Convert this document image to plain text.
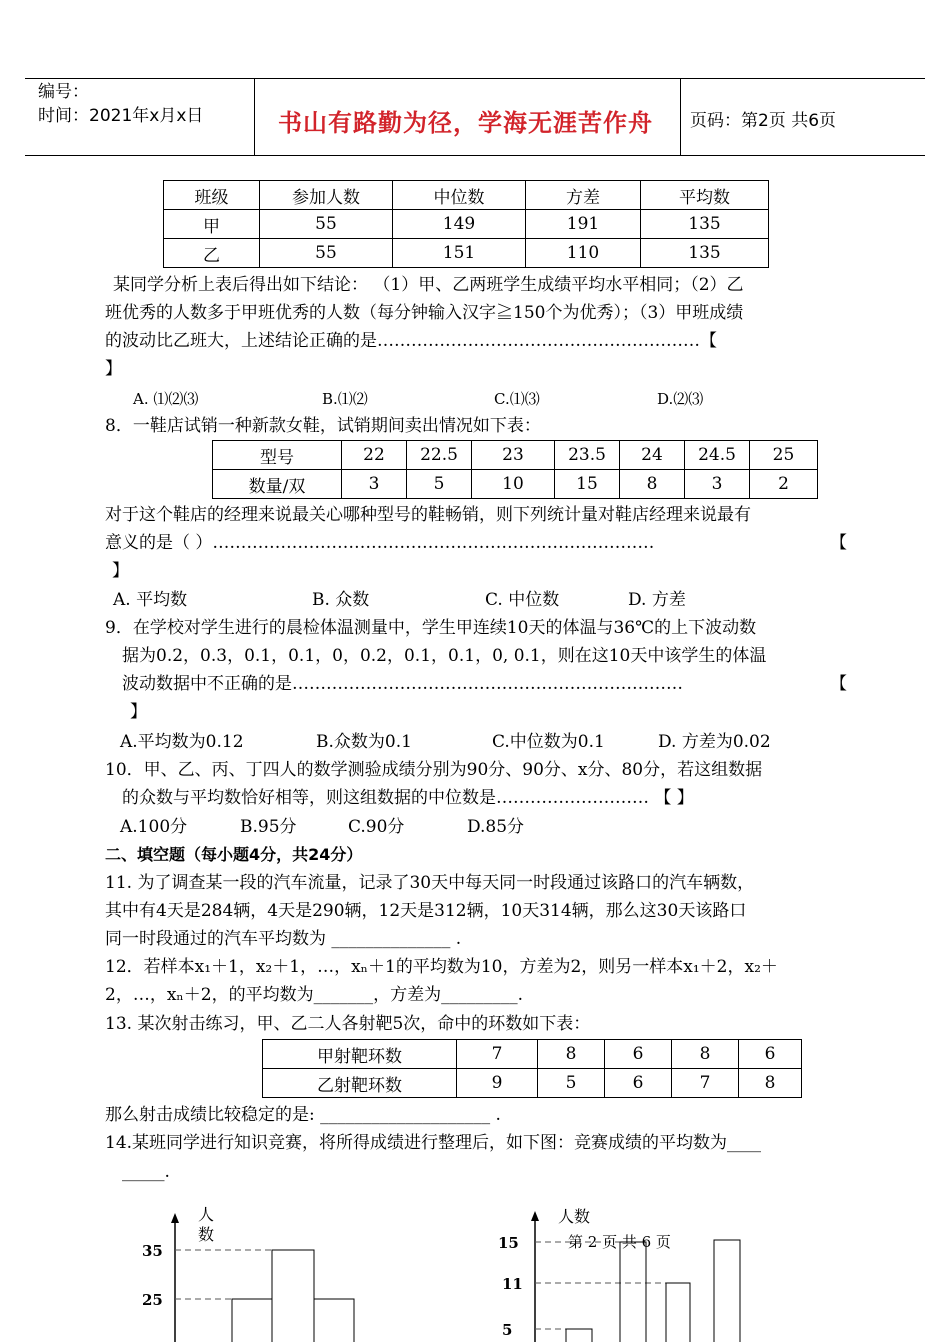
编号：
时间：2021年x月x日	书山有路勤为径，学海无涯苦作舟 页码：第2页 共6页
班级	参加人数	中位数	方差	平均数
甲	55	149	191	135
乙	55	151	110	135
某同学分析上表后得出如下结论： （1）甲、乙两班学生成绩平均水平相同；（2）乙
班优秀的人数多于甲班优秀的人数（每分钟输入汉字≧150个为优秀）；（3）甲班成绩
的波动比乙班大，上述结论正确的是…………………………………………………【
】
A. ⑴⑵⑶	B.⑴⑵	C.⑴⑶	D.⑵⑶
8．一鞋店试销一种新款女鞋，试销期间卖出情况如下表：
型号	22	22.5	23	23.5	24	24.5	25
数量/双	3	5	10	15	8	3	2
对于这个鞋店的经理来说最关心哪种型号的鞋畅销，则下列统计量对鞋店经理来说最有
意义的是（ ）……………………………………………………………………	【
】
A. 平均数	B. 众数	C. 中位数	D. 方差
9．在学校对学生进行的晨检体温测量中，学生甲连续10天的体温与36℃的上下波动数
据为0.2，0.3，0.1，0.1，0，0.2，0.1，0.1，0, 0.1，则在这10天中该学生的体温
波动数据中不正确的是……………………………………………………………	【
】
A.平均数为0.12	B.众数为0.1	C.中位数为0.1	D. 方差为0.02
10．甲、乙、丙、丁四人的数学测验成绩分别为90分、90分、x分、80分，若这组数据
的众数与平均数恰好相等，则这组数据的中位数是……………………… 【 】
A.100分	B.95分	C.90分	D.85分
二、填空题（每小题4分，共24分）
11. 为了调查某一段的汽车流量，记录了30天中每天同一时段通过该路口的汽车辆数，
其中有4天是284辆，4天是290辆，12天是312辆，10天314辆，那么这30天该路口
同一时段通过的汽车平均数为 ______________ .
12．若样本x₁＋1，x₂＋1，…，xₙ＋1的平均数为10，方差为2，则另一样本x₁＋2，x₂＋
2，…，xₙ＋2，的平均数为_______，方差为_________.
13. 某次射击练习，甲、乙二人各射靶5次，命中的环数如下表：
甲射靶环数	7	8	6	8	6
乙射靶环数	9	5	6	7	8
那么射击成绩比较稳定的是: ____________________ .
14.某班同学进行知识竞赛，将所得成绩进行整理后，如下图：竞赛成绩的平均数为____
_____.
人
数
35
25
人数
15
11
5
第 2 页 共 6 页
